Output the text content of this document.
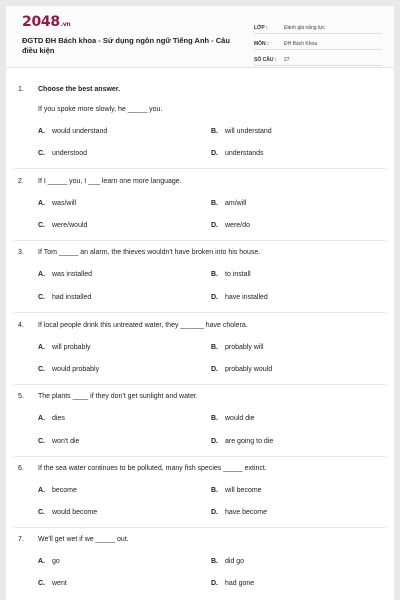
2048.vn
ĐGTD ĐH Bách khoa - Sử dụng ngôn ngữ Tiếng Anh - Câu
điều kiện
LỚP :	Đánh giá năng lực
MÔN :	ĐH Bách Khoa
SỐ CÂU :	27
1.	Choose the best answer.
If you spoke more slowly, he _____ you.
A.	would understand	B.	will understand
C.	understood	D.	understands
2.	If I _____ you, I ___ learn one more language.
A.	was/will	B.	am/will
C.	were/would	D.	were/do
3.	If Tom _____ an alarm, the thieves wouldn't have broken into his house.
A.	was installed	B.	to install
C.	had installed	D.	have installed
4.	If local people drink this untreated water, they ______ have cholera.
A.	will probably	B.	probably will
C.	would probably	D.	probably would
5.	The plants ____ if they don't get sunlight and water.
A.	dies	B.	would die
C.	won't die	D.	are going to die
6.	If the sea water continues to be polluted, many fish species _____ extinct.
A.	become	B.	will become
C.	would become	D.	have become
7.	We'll get wet if we _____ out.
A.	go	B.	did go
C.	went	D.	had gone
